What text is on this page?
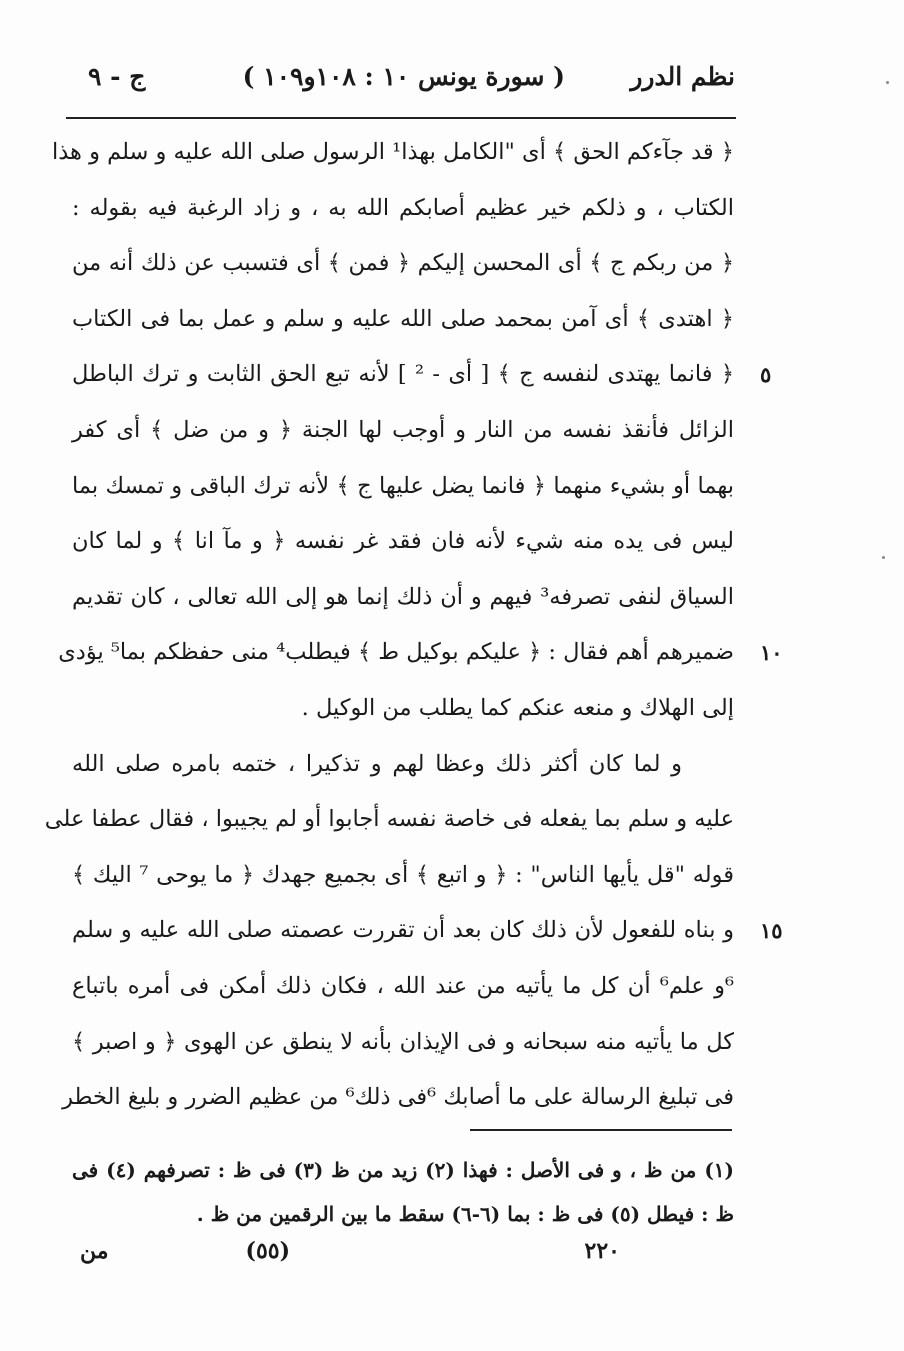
نظم الدرر
( سورة يونس ١٠ : ١٠٨و١٠٩ )
ج - ٩
﴿ قد جآءكم الحق ﴾ أى "الكامل بهذا¹ الرسول صلى الله عليه و سلم و هذا
الكتاب ، و ذلكم خير عظيم أصابكم الله به ، و زاد الرغبة فيه بقوله :
﴿ من ربكم ج ﴾ أى المحسن إليكم ﴿ فمن ﴾ أى فتسبب عن ذلك أنه من
﴿ اهتدى ﴾ أى آمن بمحمد صلى الله عليه و سلم و عمل بما فى الكتاب
﴿ فانما يهتدى لنفسه ج ﴾ [ أى - ² ] لأنه تبع الحق الثابت و ترك الباطل
الزائل فأنقذ نفسه من النار و أوجب لها الجنة ﴿ و من ضل ﴾ أى كفر
بهما أو بشيء منهما ﴿ فانما يضل عليها ج ﴾ لأنه ترك الباقى و تمسك بما
ليس فى يده منه شيء لأنه فان فقد غر نفسه ﴿ و مآ انا ﴾ و لما كان
السياق لنفى تصرفه³ فيهم و أن ذلك إنما هو إلى الله تعالى ، كان تقديم
ضميرهم أهم فقال : ﴿ عليكم بوكيل ط ﴾ فيطلب⁴ منى حفظكم بما⁵ يؤدى
إلى الهلاك و منعه عنكم كما يطلب من الوكيل .
و لما كان أكثر ذلك وعظا لهم و تذكيرا ، ختمه بامره صلى الله
عليه و سلم بما يفعله فى خاصة نفسه أجابوا أو لم يجيبوا ، فقال عطفا على
قوله "قل يأيها الناس" : ﴿ و اتبع ﴾ أى بجميع جهدك ﴿ ما يوحى ⁷ اليك ﴾
و بناه للفعول لأن ذلك كان بعد أن تقررت عصمته صلى الله عليه و سلم
⁶و علم⁶ أن كل ما يأتيه من عند الله ، فكان ذلك أمكن فى أمره باتباع
كل ما يأتيه منه سبحانه و فى الإيذان بأنه لا ينطق عن الهوى ﴿ و اصبر ﴾
فى تبليغ الرسالة على ما أصابك ⁶فى ذلك⁶ من عظيم الضرر و بليغ الخطر
(١) من ظ ، و فى الأصل : فهذا (٢) زيد من ظ (٣) فى ظ : تصرفهم (٤) فى
ظ : فيطل (٥) فى ظ : بما (٦-٦) سقط ما بين الرقمين من ظ .
٢٢٠
(٥٥)
من
٥
١٠
١٥
